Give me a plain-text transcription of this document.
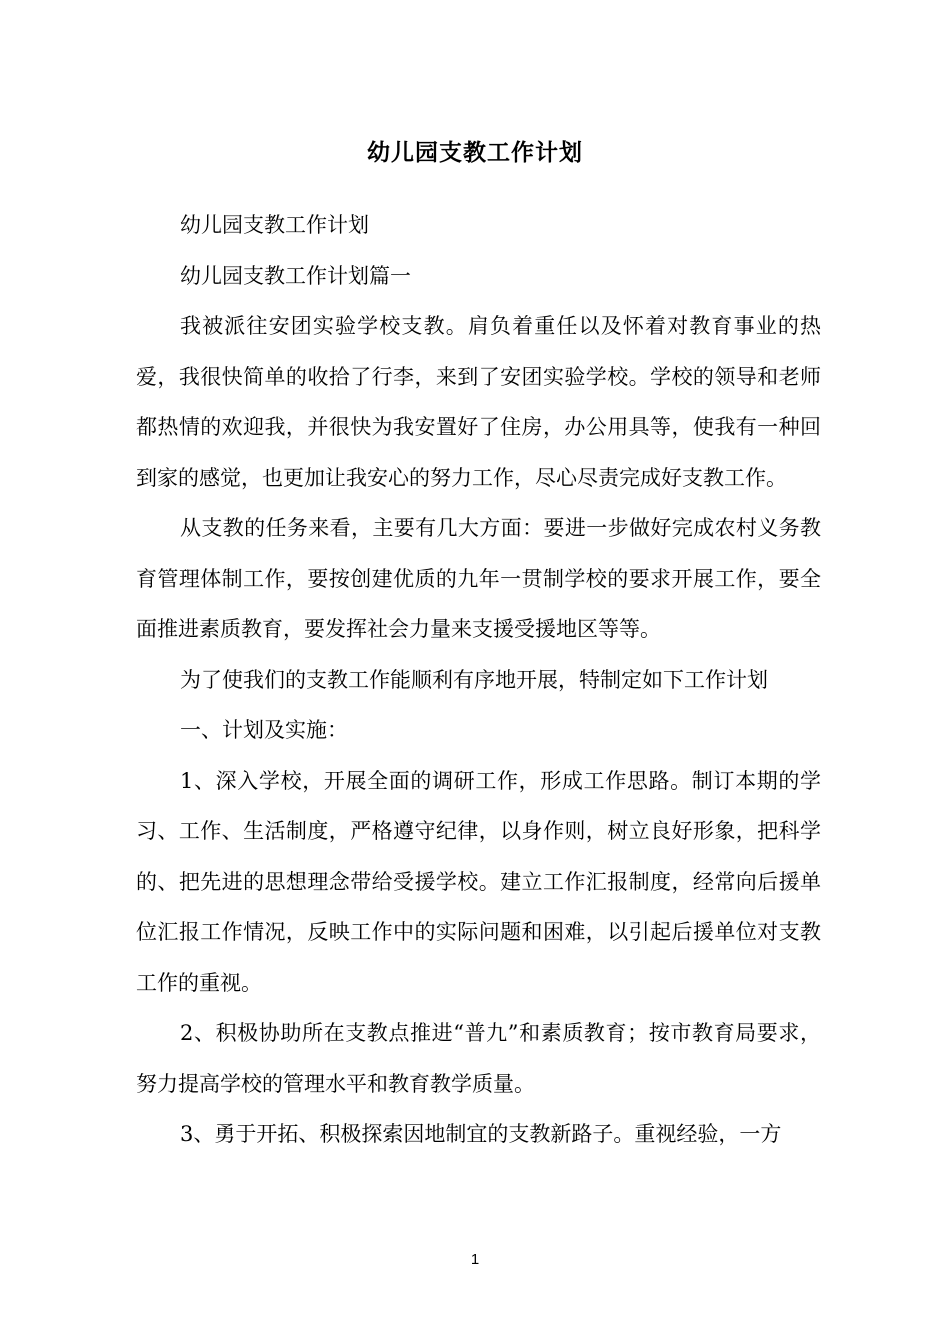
幼儿园支教工作计划

幼儿园支教工作计划

幼儿园支教工作计划篇一

我被派往安团实验学校支教。肩负着重任以及怀着对教育事业的热爱，我很快简单的收拾了行李，来到了安团实验学校。学校的领导和老师都热情的欢迎我，并很快为我安置好了住房，办公用具等，使我有一种回到家的感觉，也更加让我安心的努力工作，尽心尽责完成好支教工作。

从支教的任务来看，主要有几大方面：要进一步做好完成农村义务教育管理体制工作，要按创建优质的九年一贯制学校的要求开展工作，要全面推进素质教育，要发挥社会力量来支援受援地区等等。

为了使我们的支教工作能顺利有序地开展，特制定如下工作计划

一、计划及实施：

1、深入学校，开展全面的调研工作，形成工作思路。制订本期的学习、工作、生活制度，严格遵守纪律，以身作则，树立良好形象，把科学的、把先进的思想理念带给受援学校。建立工作汇报制度，经常向后援单位汇报工作情况，反映工作中的实际问题和困难，以引起后援单位对支教工作的重视。

2、积极协助所在支教点推进“普九”和素质教育；按市教育局要求，努力提高学校的管理水平和教育教学质量。

3、勇于开拓、积极探索因地制宜的支教新路子。重视经验，一方

1
